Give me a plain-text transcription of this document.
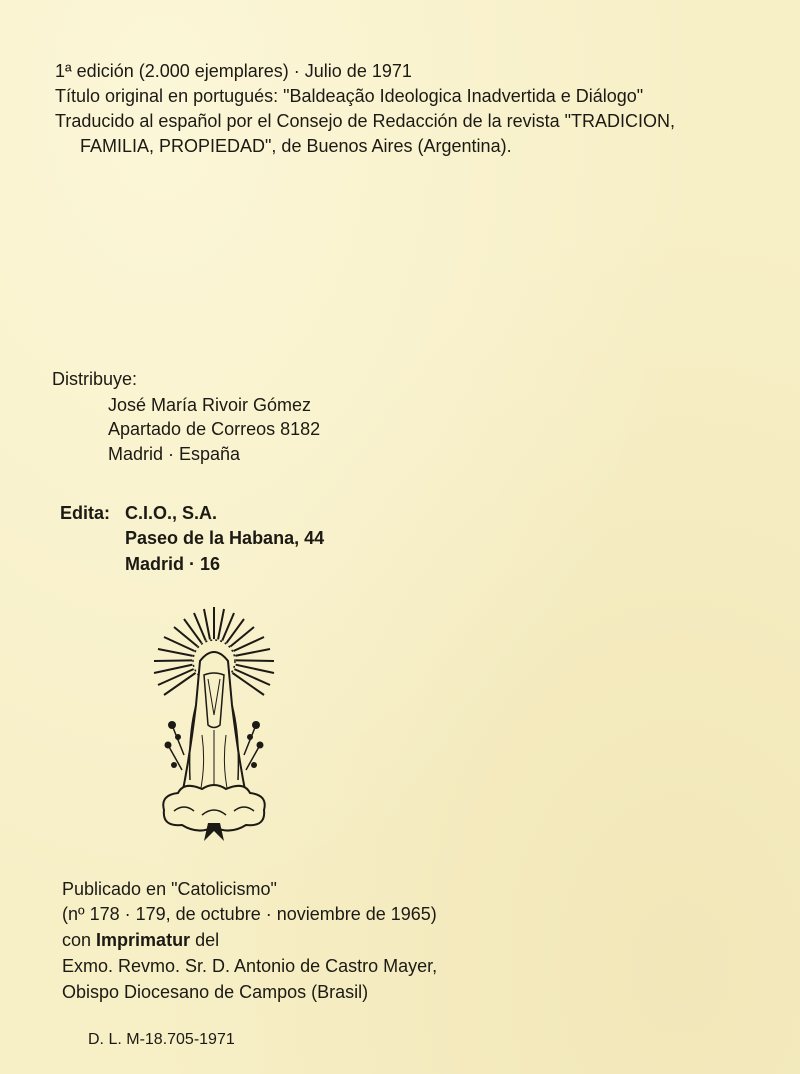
1ª edición (2.000 ejemplares) · Julio de 1971
Título original en portugués: "Baldeação Ideologica Inadvertida e Diálogo"
Traducido al español por el Consejo de Redacción de la revista "TRADICION,
FAMILIA, PROPIEDAD", de Buenos Aires (Argentina).
Distribuye:
José María Rivoir Gómez
Apartado de Correos 8182
Madrid · España
Edita: C.I.O., S.A.
Paseo de la Habana, 44
Madrid · 16
Publicado en "Catolicismo"
(nº 178 · 179, de octubre · noviembre de 1965)
con Imprimatur del
Exmo. Revmo. Sr. D. Antonio de Castro Mayer,
Obispo Diocesano de Campos (Brasil)
D. L. M-18.705-1971
